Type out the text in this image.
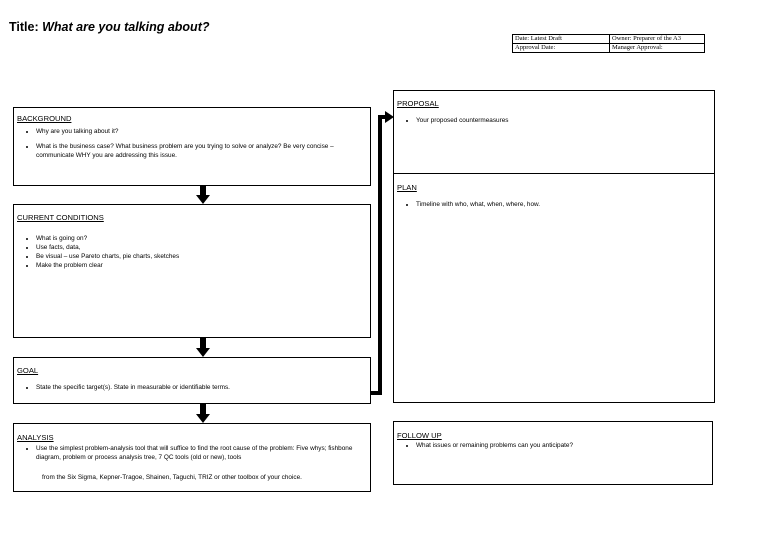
Title: What are you talking about?
Date: Latest Draft	Owner: Preparer of the A3
Approval Date:	Manager Approval:
BACKGROUND
• Why are you talking about it?
• What is the business case? What business problem are you trying to solve or analyze? Be very concise – communicate WHY you are addressing this issue.
CURRENT CONDITIONS
• What is going on?
• Use facts, data,
• Be visual – use Pareto charts, pie charts, sketches
• Make the problem clear
GOAL
• State the specific target(s). State in measurable or identifiable terms.
ANALYSIS
• Use the simplest problem-analysis tool that will suffice to find the root cause of the problem: Five whys; fishbone diagram, problem or process analysis tree, 7 QC tools (old or new), tools
from the Six Sigma, Kepner-Tragoe, Shainen, Taguchi, TRIZ or other toolbox of your choice.
PROPOSAL
• Your proposed countermeasures
PLAN
• Timeline with who, what, when, where, how.
FOLLOW UP
• What issues or remaining problems can you anticipate?
